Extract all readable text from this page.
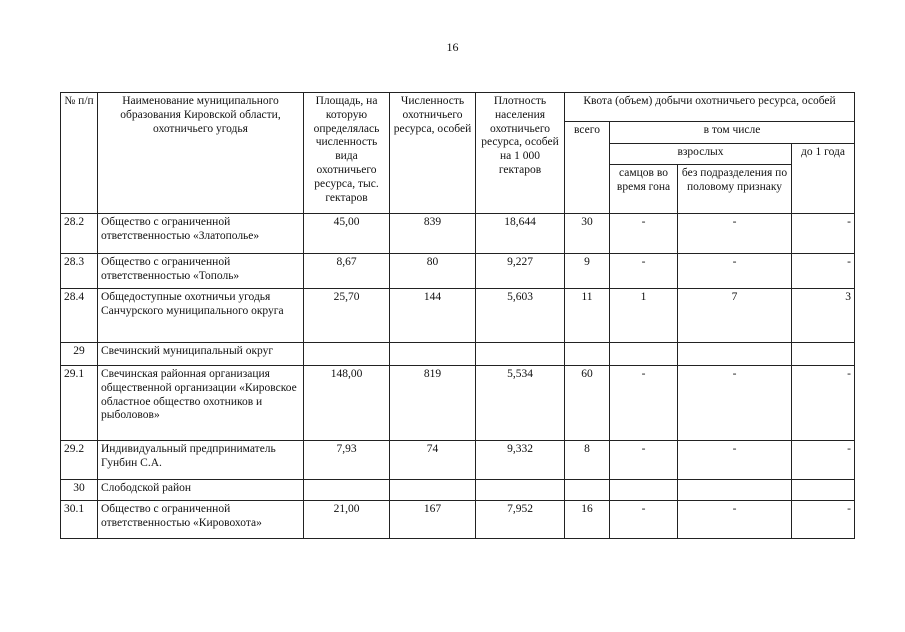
16
№ п/п	Наименование муниципального образования Кировской области, охотничьего угодья	Площадь, на которую определялась численность вида охотничьего ресурса, тыс. гектаров	Численность охотничьего ресурса, особей	Плотность населения охотничьего ресурса, особей на 1 000 гектаров	Квота (объем) добычи охотничьего ресурса, особей			
					всего	в том числе		
						взрослых		до 1 года
						самцов во время гона	без подразделения по половому признаку	
28.2	Общество с ограниченной ответственностью «Златополье»	45,00	839	18,644	30	-	-	-
28.3	Общество с ограниченной ответственностью «Тополь»	8,67	80	9,227	9	-	-	-
28.4	Общедоступные охотничьи угодья Санчурского муниципального округа	25,70	144	5,603	11	1	7	3
29	Свечинский муниципальный округ							
29.1	Свечинская районная организация общественной организации «Кировское областное общество охотников и рыболовов»	148,00	819	5,534	60	-	-	-
29.2	Индивидуальный предприниматель Гунбин С.А.	7,93	74	9,332	8	-	-	-
30	Слободской район							
30.1	Общество с ограниченной ответственностью «Кировохота»	21,00	167	7,952	16	-	-	-
